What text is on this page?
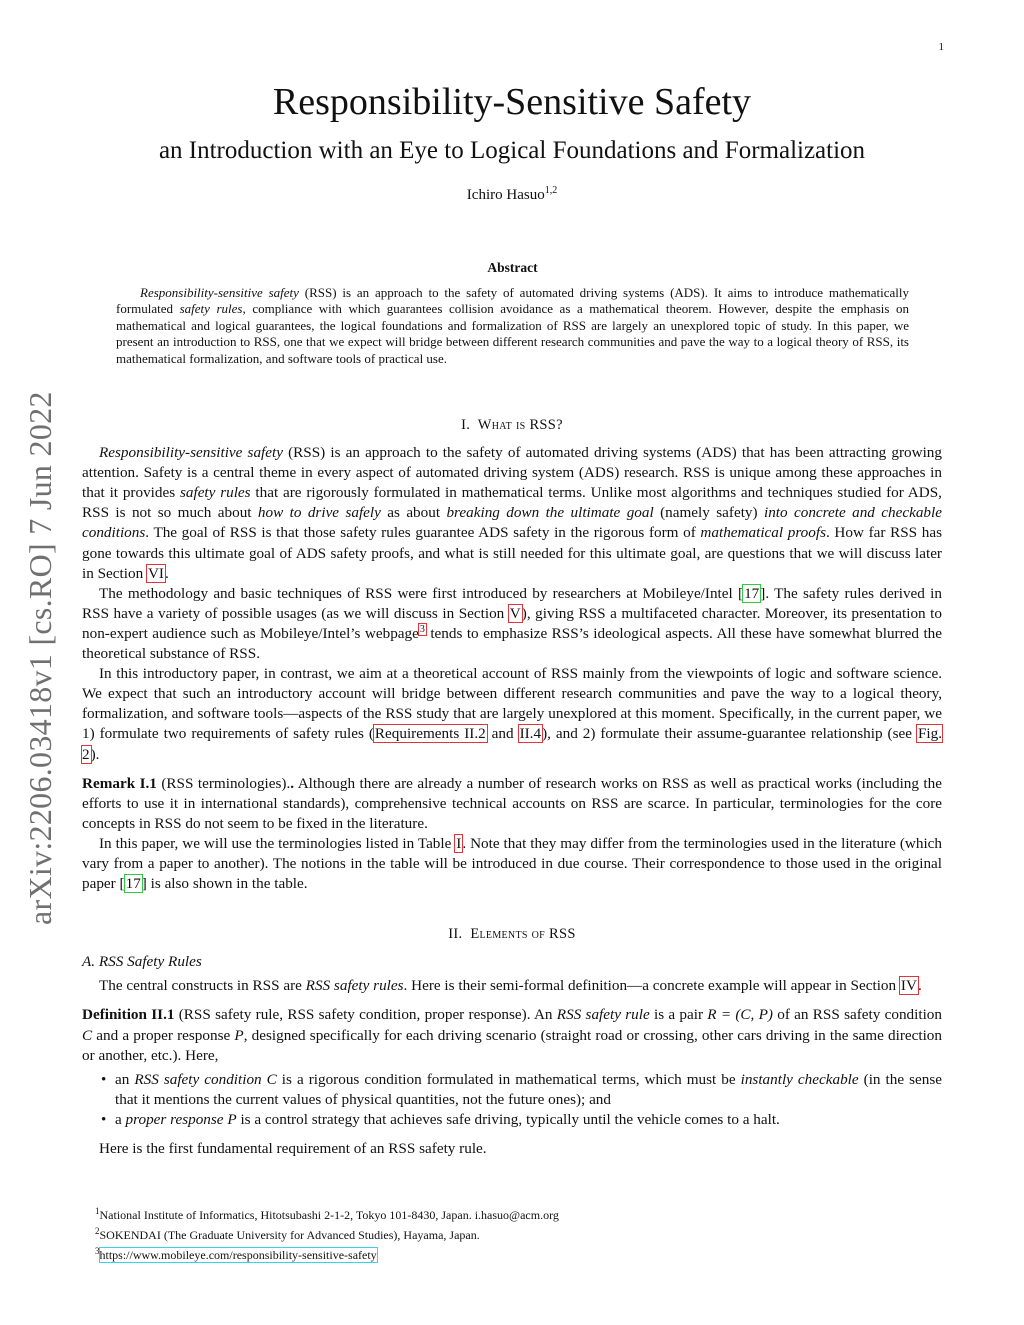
1
arXiv:2206.03418v1 [cs.RO] 7 Jun 2022
Responsibility-Sensitive Safety
an Introduction with an Eye to Logical Foundations and Formalization
Ichiro Hasuo$^{1,2}$
Abstract

Responsibility-sensitive safety (RSS) is an approach to the safety of automated driving systems (ADS). It aims to introduce mathematically formulated safety rules, compliance with which guarantees collision avoidance as a mathematical theorem. However, despite the emphasis on mathematical and logical guarantees, the logical foundations and formalization of RSS are largely an unexplored topic of study. In this paper, we present an introduction to RSS, one that we expect will bridge between different research communities and pave the way to a logical theory of RSS, its mathematical formalization, and software tools of practical use.

I. What is RSS?

Responsibility-sensitive safety (RSS) is an approach to the safety of automated driving systems (ADS) that has been attracting growing attention. Safety is a central theme in every aspect of automated driving system (ADS) research. RSS is unique among these approaches in that it provides safety rules that are rigorously formulated in mathematical terms. Unlike most algorithms and techniques studied for ADS, RSS is not so much about how to drive safely as about breaking down the ultimate goal (namely safety) into concrete and checkable conditions. The goal of RSS is that those safety rules guarantee ADS safety in the rigorous form of mathematical proofs. How far RSS has gone towards this ultimate goal of ADS safety proofs, and what is still needed for this ultimate goal, are questions that we will discuss later in Section VI.

The methodology and basic techniques of RSS were first introduced by researchers at Mobileye/Intel [17]. The safety rules derived in RSS have a variety of possible usages (as we will discuss in Section V), giving RSS a multifaceted character. Moreover, its presentation to non-expert audience such as Mobileye/Intel’s webpage$^3$ tends to emphasize RSS’s ideological aspects. All these have somewhat blurred the theoretical substance of RSS.

In this introductory paper, in contrast, we aim at a theoretical account of RSS mainly from the viewpoints of logic and software science. We expect that such an introductory account will bridge between different research communities and pave the way to a logical theory, formalization, and software tools—aspects of the RSS study that are largely unexplored at this moment. Specifically, in the current paper, we 1) formulate two requirements of safety rules (Requirements II.2 and II.4), and 2) formulate their assume-guarantee relationship (see Fig. 2).

Remark I.1 (RSS terminologies).. Although there are already a number of research works on RSS as well as practical works (including the efforts to use it in international standards), comprehensive technical accounts on RSS are scarce. In particular, terminologies for the core concepts in RSS do not seem to be fixed in the literature.

In this paper, we will use the terminologies listed in Table I. Note that they may differ from the terminologies used in the literature (which vary from a paper to another). The notions in the table will be introduced in due course. Their correspondence to those used in the original paper [17] is also shown in the table.

II. Elements of RSS
A. RSS Safety Rules

The central constructs in RSS are RSS safety rules. Here is their semi-formal definition—a concrete example will appear in Section IV.

Definition II.1 (RSS safety rule, RSS safety condition, proper response). An RSS safety rule is a pair R = (C, P) of an RSS safety condition C and a proper response P, designed specifically for each driving scenario (straight road or crossing, other cars driving in the same direction or another, etc.). Here,

• an RSS safety condition C is a rigorous condition formulated in mathematical terms, which must be instantly checkable (in the sense that it mentions the current values of physical quantities, not the future ones); and
• a proper response P is a control strategy that achieves safe driving, typically until the vehicle comes to a halt.

Here is the first fundamental requirement of an RSS safety rule.

$^1$National Institute of Informatics, Hitotsubashi 2-1-2, Tokyo 101-8430, Japan. i.hasuo@acm.org
$^2$SOKENDAI (The Graduate University for Advanced Studies), Hayama, Japan.
$^3$https://www.mobileye.com/responsibility-sensitive-safety
